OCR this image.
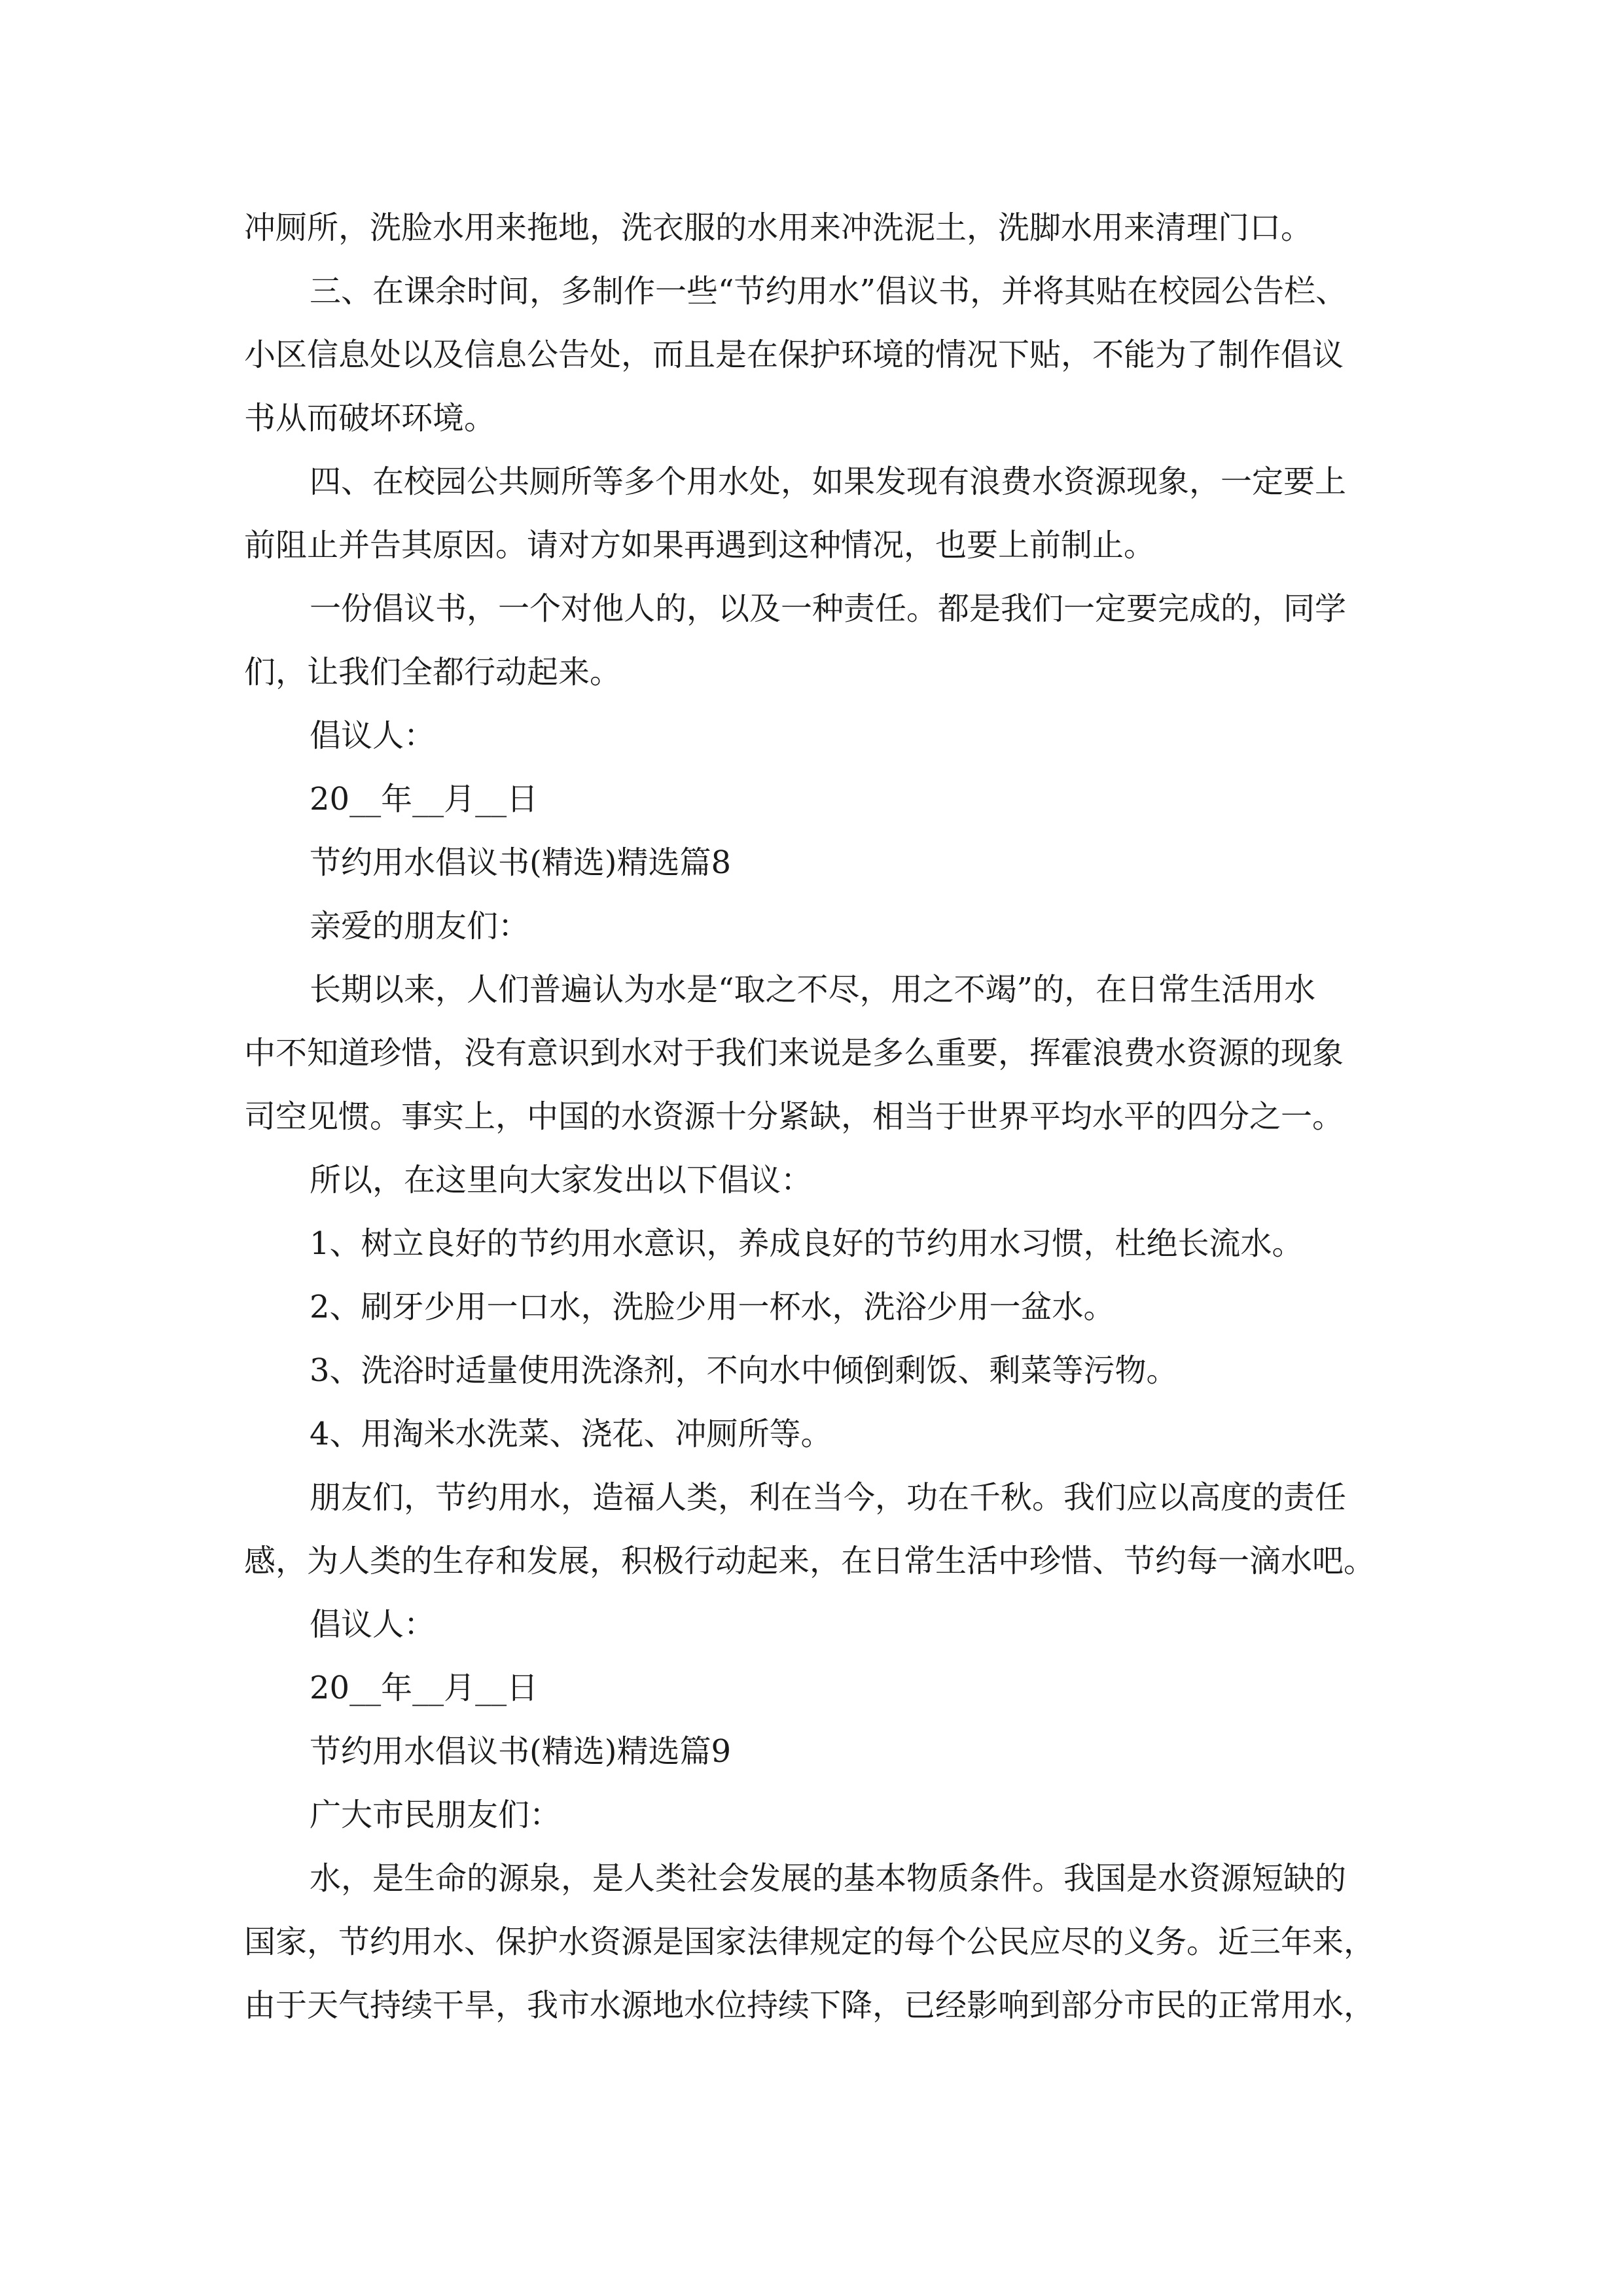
冲厕所，洗脸水用来拖地，洗衣服的水用来冲洗泥土，洗脚水用来清理门口。
三、在课余时间，多制作一些“节约用水”倡议书，并将其贴在校园公告栏、
小区信息处以及信息公告处，而且是在保护环境的情况下贴，不能为了制作倡议
书从而破坏环境。
四、在校园公共厕所等多个用水处，如果发现有浪费水资源现象，一定要上
前阻止并告其原因。请对方如果再遇到这种情况，也要上前制止。
一份倡议书，一个对他人的，以及一种责任。都是我们一定要完成的，同学
们，让我们全都行动起来。
倡议人：
20__年__月__日
节约用水倡议书(精选)精选篇8
亲爱的朋友们：
长期以来，人们普遍认为水是“取之不尽，用之不竭”的，在日常生活用水
中不知道珍惜，没有意识到水对于我们来说是多么重要，挥霍浪费水资源的现象
司空见惯。事实上，中国的水资源十分紧缺，相当于世界平均水平的四分之一。
所以，在这里向大家发出以下倡议：
1、树立良好的节约用水意识，养成良好的节约用水习惯，杜绝长流水。
2、刷牙少用一口水，洗脸少用一杯水，洗浴少用一盆水。
3、洗浴时适量使用洗涤剂，不向水中倾倒剩饭、剩菜等污物。
4、用淘米水洗菜、浇花、冲厕所等。
朋友们，节约用水，造福人类，利在当今，功在千秋。我们应以高度的责任
感，为人类的生存和发展，积极行动起来，在日常生活中珍惜、节约每一滴水吧。
倡议人：
20__年__月__日
节约用水倡议书(精选)精选篇9
广大市民朋友们：
水，是生命的源泉，是人类社会发展的基本物质条件。我国是水资源短缺的
国家，节约用水、保护水资源是国家法律规定的每个公民应尽的义务。近三年来，
由于天气持续干旱，我市水源地水位持续下降，已经影响到部分市民的正常用水，
